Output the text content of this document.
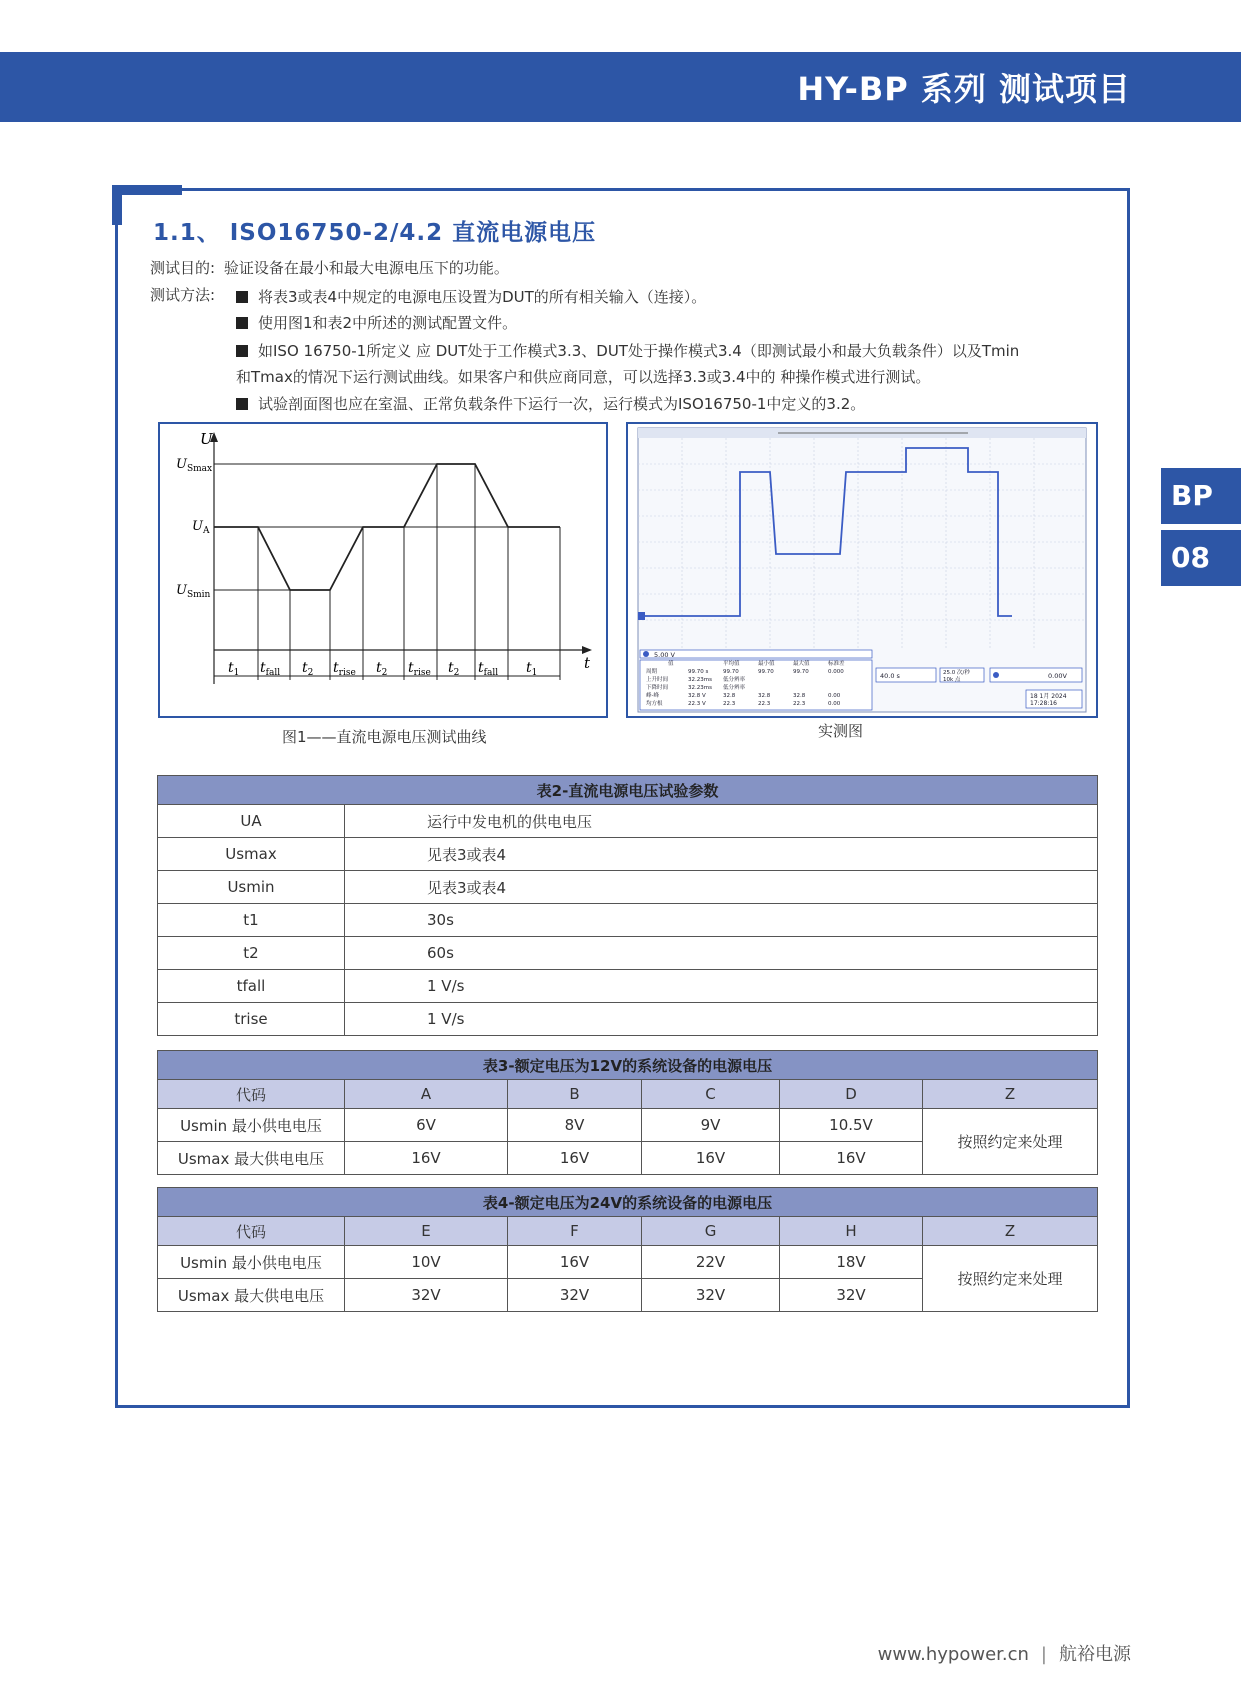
HY-BP 系列 测试项目
BP
08
1.1、 ISO16750-2/4.2 直流电源电压
测试目的: 验证设备在最小和最大电源电压下的功能。
测试方法:	将表3或表4中规定的电源电压设置为DUT的所有相关输入（连接）。
使用图1和表2中所述的测试配置文件。
如ISO 16750-1所定义 应 DUT处于工作模式3.3、DUT处于操作模式3.4（即测试最小和最大负载条件）以及Tmin
和Tmax的情况下运行测试曲线。如果客户和供应商同意，可以选择3.3或3.4中的 种操作模式进行测试。
试验剖面图也应在室温、正常负载条件下运行一次，运行模式为ISO16750-1中定义的3.2。
U
t
$U_{Smax}$
$U_A$
$U_{Smin}$
$t_1$ $t_{fall}$ $t_2$ $t_{rise}$ $t_2$ $t_{rise}$ $t_2$ $t_{fall}$ $t_1$
图1——直流电源电压测试曲线
5.00 V
值	平均值	最小值	最大值	标准差
周期	99.70 s	99.70	99.70	99.70	0.000
上升时间	32.23ms 低分辨率
下降时间	32.23ms 低分辨率
峰-峰	32.8 V	32.8	32.8	32.8	0.00
均方根	22.3 V	22.3	22.3	22.3	0.00
40.0 s	25.0 次/秒
10k 点	0.00V
18 1月 2024
17:28:16
实测图
表2-直流电源电压试验参数	
UA	运行中发电机的供电电压
Usmax	见表3或表4
Usmin	见表3或表4
t1	30s
t2	60s
tfall	1 V/s
trise	1 V/s
表3-额定电压为12V的系统设备的电源电压					
代码	A	B	C	D	Z
Usmin 最小供电电压	6V	8V	9V	10.5V	按照约定来处理
Usmax 最大供电电压	16V	16V	16V	16V	
表4-额定电压为24V的系统设备的电源电压					
代码	E	F	G	H	Z
Usmin 最小供电电压	10V	16V	22V	18V	按照约定来处理
Usmax 最大供电电压	32V	32V	32V	32V	
www.hypower.cn | 航裕电源
